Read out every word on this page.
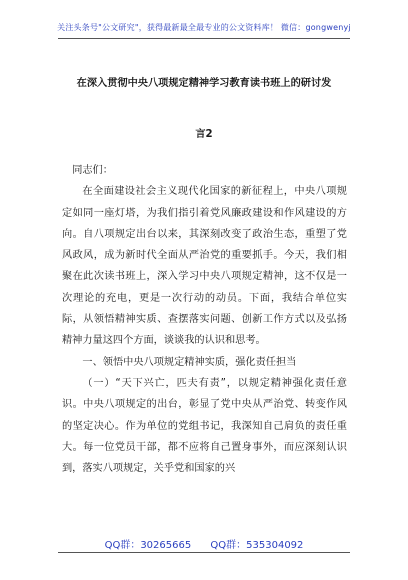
关注头条号"公文研究"，获得最新最全最专业的公文资料库！ 微信：gongwenyj
在深入贯彻中央八项规定精神学习教育读书班上的研讨发
言2

同志们：

在全面建设社会主义现代化国家的新征程上，中央八项规定如同一座灯塔，为我们指引着党风廉政建设和作风建设的方向。自八项规定出台以来，其深刻改变了政治生态，重塑了党风政风，成为新时代全面从严治党的重要抓手。今天，我们相聚在此次读书班上，深入学习中央八项规定精神，这不仅是一次理论的充电，更是一次行动的动员。下面，我结合单位实际，从领悟精神实质、查摆落实问题、创新工作方式以及弘扬精神力量这四个方面，谈谈我的认识和思考。

一、领悟中央八项规定精神实质，强化责任担当

（一）“天下兴亡，匹夫有责”，以规定精神强化责任意识。中央八项规定的出台，彰显了党中央从严治党、转变作风的坚定决心。作为单位的党组书记，我深知自己肩负的责任重大。每一位党员干部，都不应将自己置身事外，而应深刻认识到，落实八项规定，关乎党和国家的兴

QQ群：30265665 QQ群：535304092
